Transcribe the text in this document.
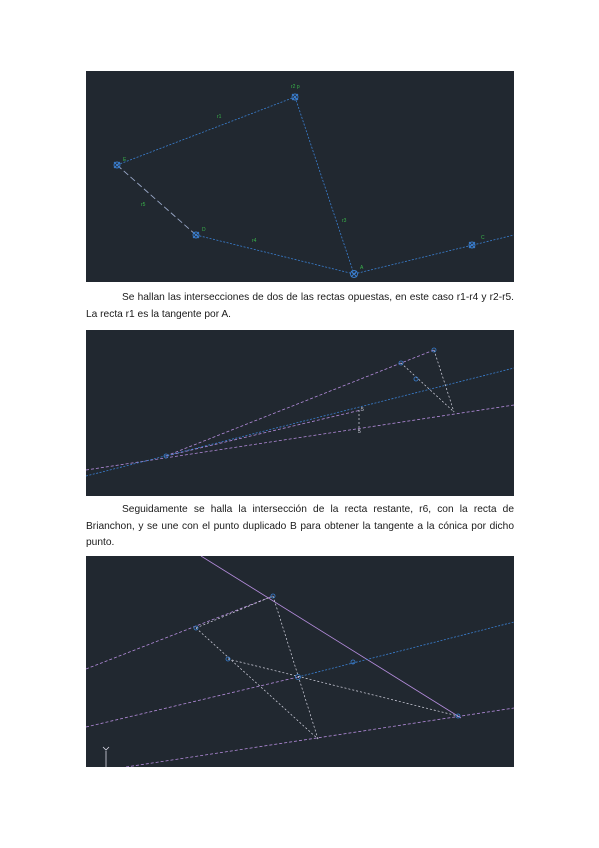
r2 p
r1
r5
r4
r3
E
D
A
C

Se hallan las intersecciones de dos de las rectas opuestas, en este caso r1-r4 y r2-r5. La recta r1 es la tangente por A.

5
5

Seguidamente se halla la intersección de la recta restante, r6, con la recta de Brianchon, y se une con el punto duplicado B para obtener la tangente a la cónica por dicho punto.
